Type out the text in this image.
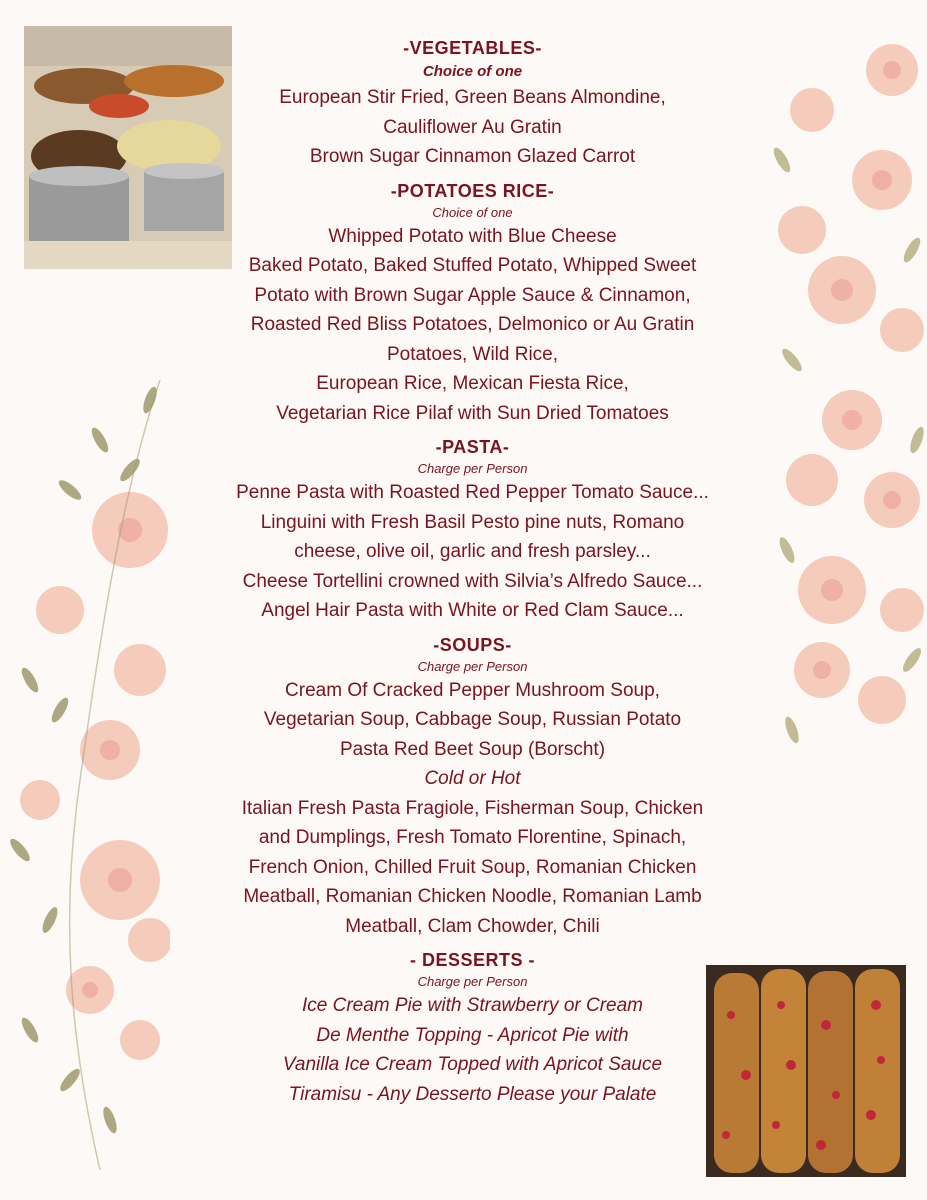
-VEGETABLES-

Choice of one

European Stir Fried, Green Beans Almondine,

Cauliflower Au Gratin

Brown Sugar Cinnamon Glazed Carrot

-POTATOES RICE-

Choice of one

Whipped Potato with Blue Cheese

Baked Potato, Baked Stuffed Potato, Whipped Sweet

Potato with Brown Sugar Apple Sauce & Cinnamon,

Roasted Red Bliss Potatoes, Delmonico or Au Gratin

Potatoes, Wild Rice,

European Rice, Mexican Fiesta Rice,

Vegetarian Rice Pilaf with Sun Dried Tomatoes

-PASTA-

Charge per Person

Penne Pasta with Roasted Red Pepper Tomato Sauce...

Linguini with Fresh Basil Pesto pine nuts, Romano

cheese, olive oil, garlic and fresh parsley...

Cheese Tortellini crowned with Silvia’s Alfredo Sauce...

Angel Hair Pasta with White or Red Clam Sauce...

-SOUPS-

Charge per Person

Cream Of Cracked Pepper Mushroom Soup,

Vegetarian Soup, Cabbage Soup, Russian Potato

Pasta Red Beet Soup (Borscht)

Cold or Hot

Italian Fresh Pasta Fragiole, Fisherman Soup, Chicken

and Dumplings, Fresh Tomato Florentine, Spinach,

French Onion, Chilled Fruit Soup, Romanian Chicken

Meatball, Romanian Chicken Noodle, Romanian Lamb

Meatball, Clam Chowder, Chili

- DESSERTS -

Charge per Person

Ice Cream Pie with Strawberry or Cream

De Menthe Topping - Apricot Pie with

Vanilla Ice Cream Topped with Apricot Sauce

Tiramisu - Any Desserto Please your Palate
